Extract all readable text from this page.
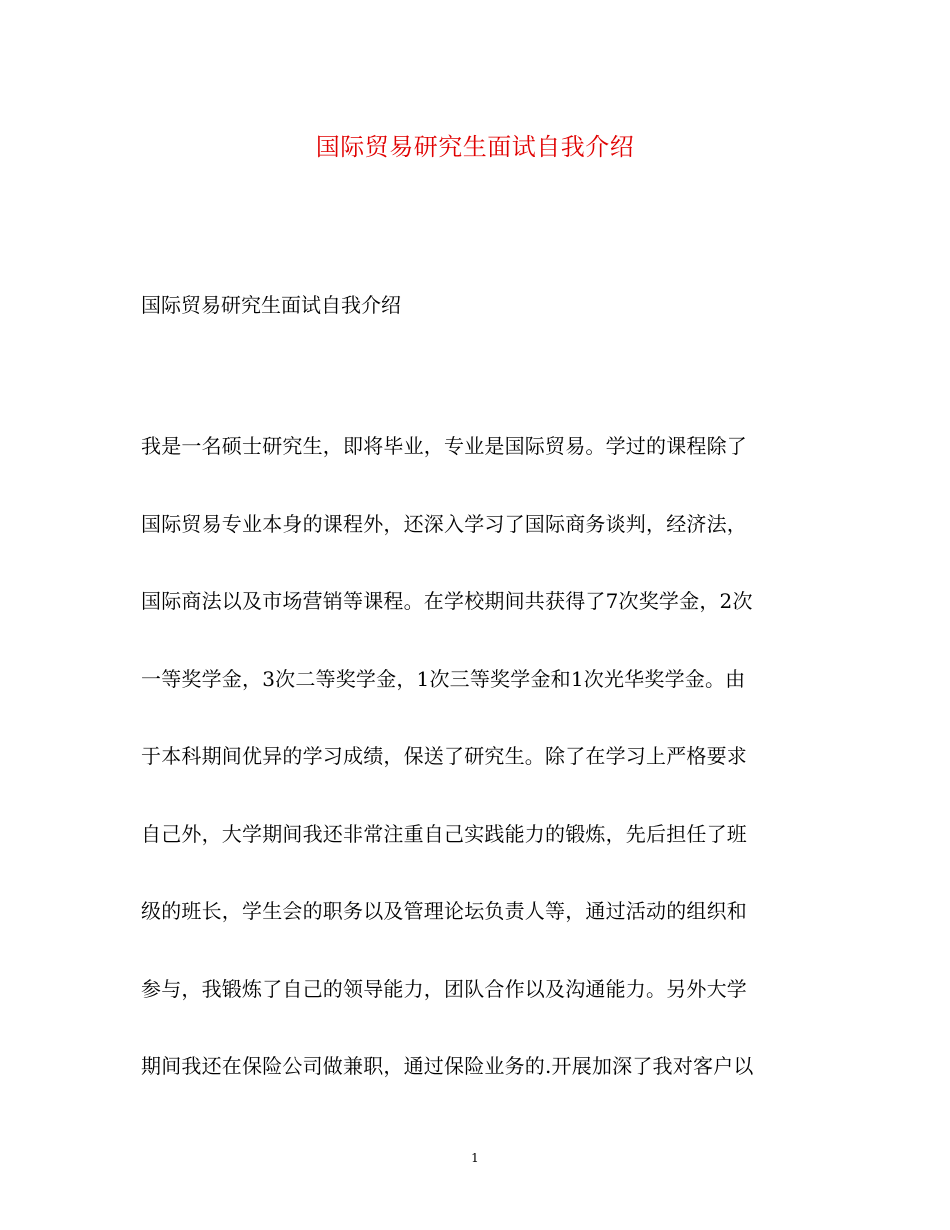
国际贸易研究生面试自我介绍
国际贸易研究生面试自我介绍
我是一名硕士研究生，即将毕业，专业是国际贸易。学过的课程除了
国际贸易专业本身的课程外，还深入学习了国际商务谈判，经济法，
国际商法以及市场营销等课程。在学校期间共获得了7次奖学金，2次
一等奖学金，3次二等奖学金，1次三等奖学金和1次光华奖学金。由
于本科期间优异的学习成绩，保送了研究生。除了在学习上严格要求
自己外，大学期间我还非常注重自己实践能力的锻炼，先后担任了班
级的班长，学生会的职务以及管理论坛负责人等，通过活动的组织和
参与，我锻炼了自己的领导能力，团队合作以及沟通能力。另外大学
期间我还在保险公司做兼职，通过保险业务的.开展加深了我对客户以
1
